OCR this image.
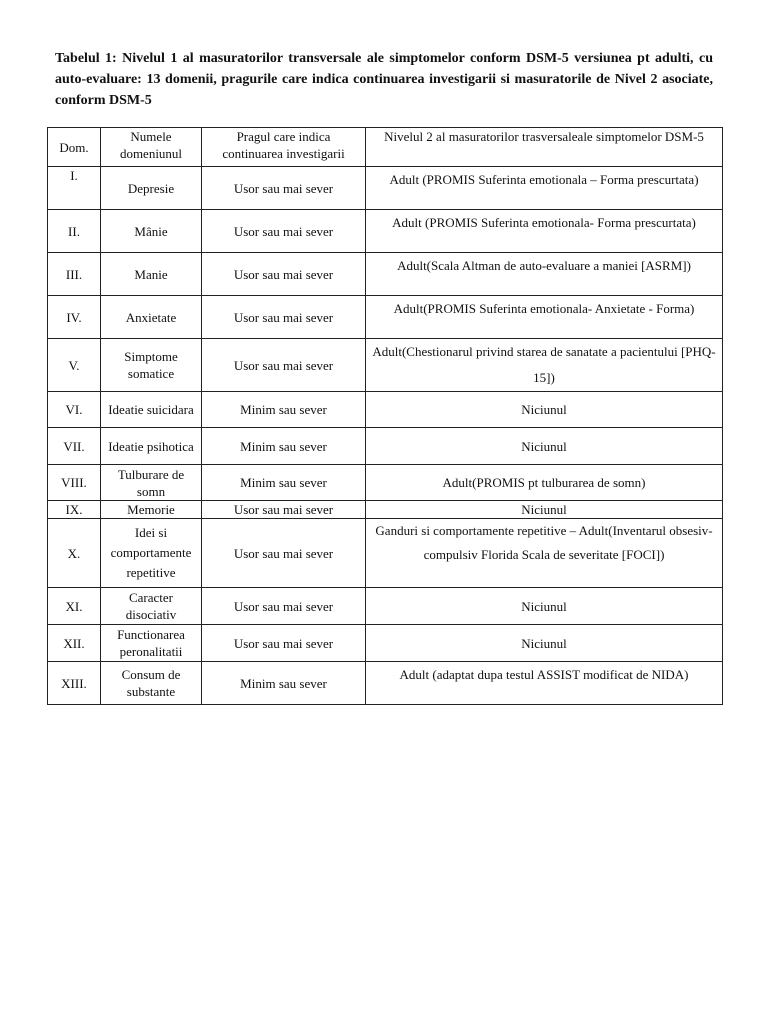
Tabelul 1: Nivelul 1 al masuratorilor transversale ale simptomelor conform DSM-5 versiunea pt adulti, cu auto-evaluare: 13 domenii, pragurile care indica continuarea investigarii si masuratorile de Nivel 2 asociate, conform DSM-5
Dom.	Numele domeniunul	Pragul care indica continuarea investigarii	Nivelul 2 al masuratorilor trasversaleale simptomelor DSM-5
I.	Depresie	Usor sau mai sever	Adult (PROMIS Suferinta emotionala – Forma prescurtata)
II.	Mânie	Usor sau mai sever	Adult (PROMIS Suferinta emotionala- Forma prescurtata)
III.	Manie	Usor sau mai sever	Adult(Scala Altman de auto-evaluare a maniei [ASRM])
IV.	Anxietate	Usor sau mai sever	Adult(PROMIS Suferinta emotionala- Anxietate - Forma)
V.	Simptome somatice	Usor sau mai sever	Adult(Chestionarul privind starea de sanatate a pacientului [PHQ-15])
VI.	Ideatie suicidara	Minim sau sever	Niciunul
VII.	Ideatie psihotica	Minim sau sever	Niciunul
VIII.	Tulburare de somn	Minim sau sever	Adult(PROMIS pt tulburarea de somn)
IX.	Memorie	Usor sau mai sever	Niciunul
X.	Idei si comportamente repetitive	Usor sau mai sever	Ganduri si comportamente repetitive – Adult(Inventarul obsesiv-compulsiv Florida Scala de severitate [FOCI])
XI.	Caracter disociativ	Usor sau mai sever	Niciunul
XII.	Functionarea peronalitatii	Usor sau mai sever	Niciunul
XIII.	Consum de substante	Minim sau sever	Adult (adaptat dupa testul ASSIST modificat de NIDA)
